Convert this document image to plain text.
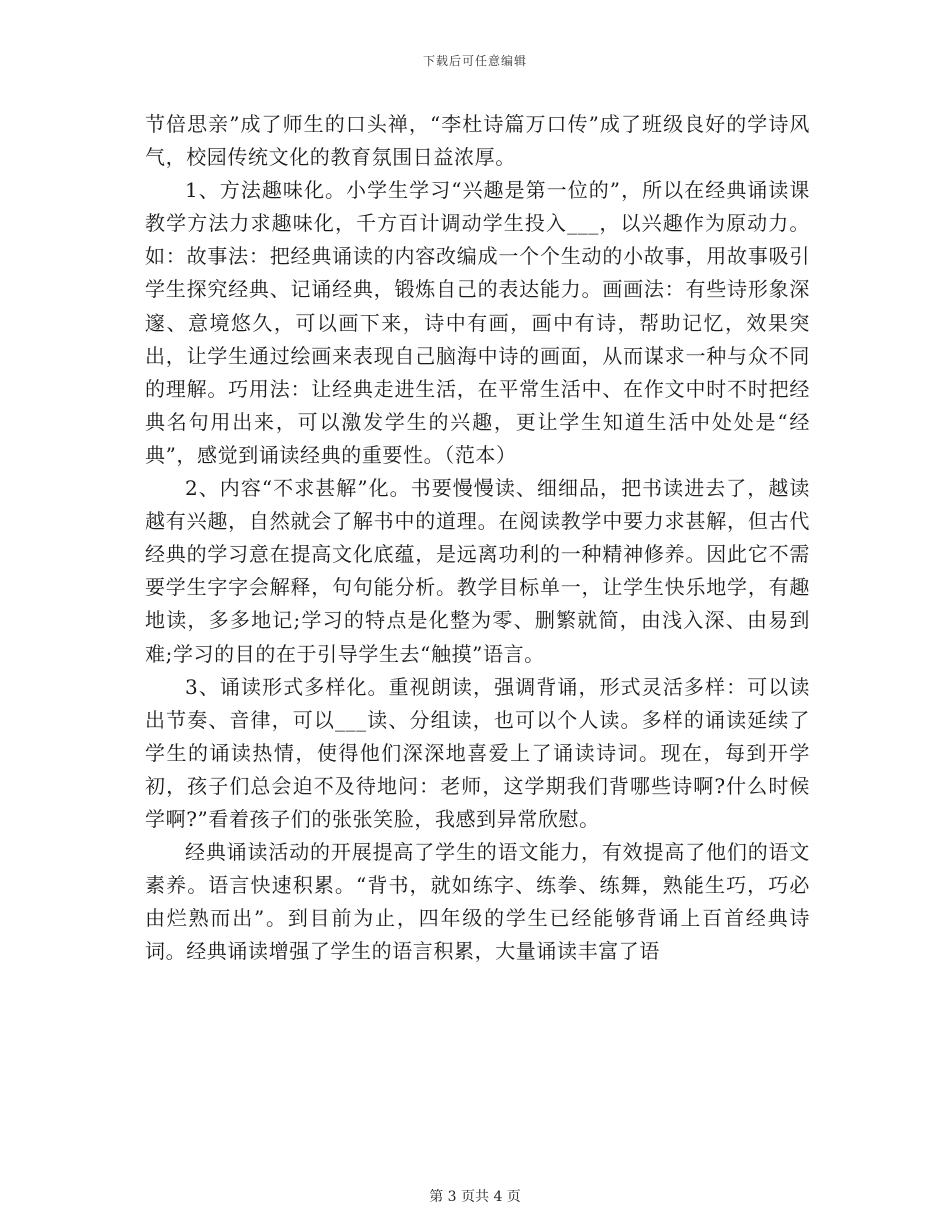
下载后可任意编辑

节倍思亲”成了师生的口头禅，“李杜诗篇万口传”成了班级良好的学诗风气，校园传统文化的教育氛围日益浓厚。

1、方法趣味化。小学生学习“兴趣是第一位的”，所以在经典诵读课教学方法力求趣味化，千方百计调动学生投入___，以兴趣作为原动力。如：故事法：把经典诵读的内容改编成一个个生动的小故事，用故事吸引学生探究经典、记诵经典，锻炼自己的表达能力。画画法：有些诗形象深邃、意境悠久，可以画下来，诗中有画，画中有诗，帮助记忆，效果突出，让学生通过绘画来表现自己脑海中诗的画面，从而谋求一种与众不同的理解。巧用法：让经典走进生活，在平常生活中、在作文中时不时把经典名句用出来，可以激发学生的兴趣，更让学生知道生活中处处是“经典”，感觉到诵读经典的重要性。（范本）

2、内容“不求甚解”化。书要慢慢读、细细品，把书读进去了，越读越有兴趣，自然就会了解书中的道理。在阅读教学中要力求甚解，但古代经典的学习意在提高文化底蕴，是远离功利的一种精神修养。因此它不需要学生字字会解释，句句能分析。教学目标单一，让学生快乐地学，有趣地读，多多地记;学习的特点是化整为零、删繁就简，由浅入深、由易到难;学习的目的在于引导学生去“触摸”语言。

3、诵读形式多样化。重视朗读，强调背诵，形式灵活多样：可以读出节奏、音律，可以___读、分组读，也可以个人读。多样的诵读延续了学生的诵读热情，使得他们深深地喜爱上了诵读诗词。现在，每到开学初，孩子们总会迫不及待地问：老师，这学期我们背哪些诗啊?什么时候学啊?”看着孩子们的张张笑脸，我感到异常欣慰。

经典诵读活动的开展提高了学生的语文能力，有效提高了他们的语文素养。语言快速积累。“背书，就如练字、练拳、练舞，熟能生巧，巧必由烂熟而出”。到目前为止，四年级的学生已经能够背诵上百首经典诗词。经典诵读增强了学生的语言积累，大量诵读丰富了语

第 3 页共 4 页
